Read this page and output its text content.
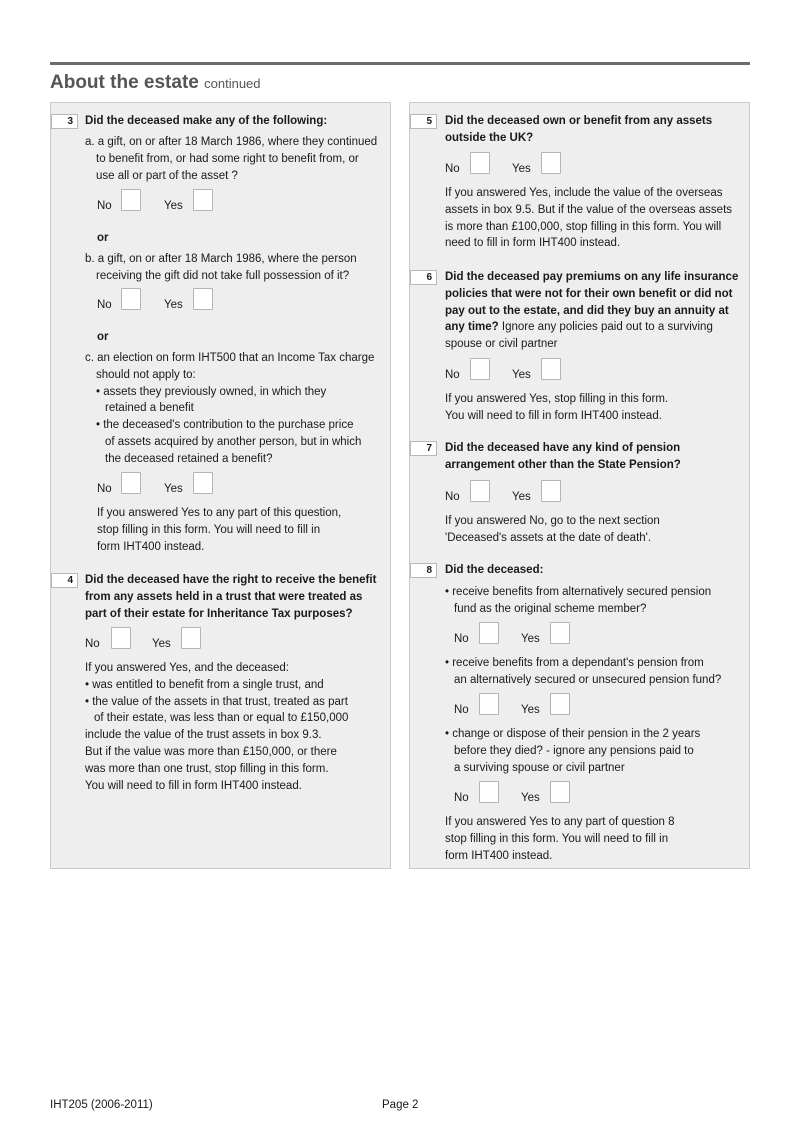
About the estate continued
3	Did the deceased make any of the following:
a. a gift, on or after 18 March 1986, where they continued
to benefit from, or had some right to benefit from, or
use all or part of the asset ?
No	Yes
or
b. a gift, on or after 18 March 1986, where the person
receiving the gift did not take full possession of it?
No	Yes
or
c. an election on form IHT500 that an Income Tax charge
should not apply to:
• assets they previously owned, in which they
retained a benefit
• the deceased's contribution to the purchase price
of assets acquired by another person, but in which
the deceased retained a benefit?
No	Yes
If you answered Yes to any part of this question,
stop filling in this form. You will need to fill in
form IHT400 instead.
4	Did the deceased have the right to receive the benefit
from any assets held in a trust that were treated as
part of their estate for Inheritance Tax purposes?
No	Yes
If you answered Yes, and the deceased:
• was entitled to benefit from a single trust, and
• the value of the assets in that trust, treated as part
of their estate, was less than or equal to £150,000
include the value of the trust assets in box 9.3.
But if the value was more than £150,000, or there
was more than one trust, stop filling in this form.
You will need to fill in form IHT400 instead.
5	Did the deceased own or benefit from any assets
outside the UK?
No	Yes
If you answered Yes, include the value of the overseas
assets in box 9.5. But if the value of the overseas assets
is more than £100,000, stop filling in this form. You will
need to fill in form IHT400 instead.
6	Did the deceased pay premiums on any life insurance
policies that were not for their own benefit or did not
pay out to the estate, and did they buy an annuity at
any time? Ignore any policies paid out to a surviving
spouse or civil partner
No	Yes
If you answered Yes, stop filling in this form.
You will need to fill in form IHT400 instead.
7	Did the deceased have any kind of pension
arrangement other than the State Pension?
No	Yes
If you answered No, go to the next section
'Deceased's assets at the date of death'.
8	Did the deceased:
• receive benefits from alternatively secured pension
fund as the original scheme member?
No	Yes
• receive benefits from a dependant's pension from
an alternatively secured or unsecured pension fund?
No	Yes
• change or dispose of their pension in the 2 years
before they died? - ignore any pensions paid to
a surviving spouse or civil partner
No	Yes
If you answered Yes to any part of question 8
stop filling in this form. You will need to fill in
form IHT400 instead.
IHT205 (2006-2011)	Page 2
